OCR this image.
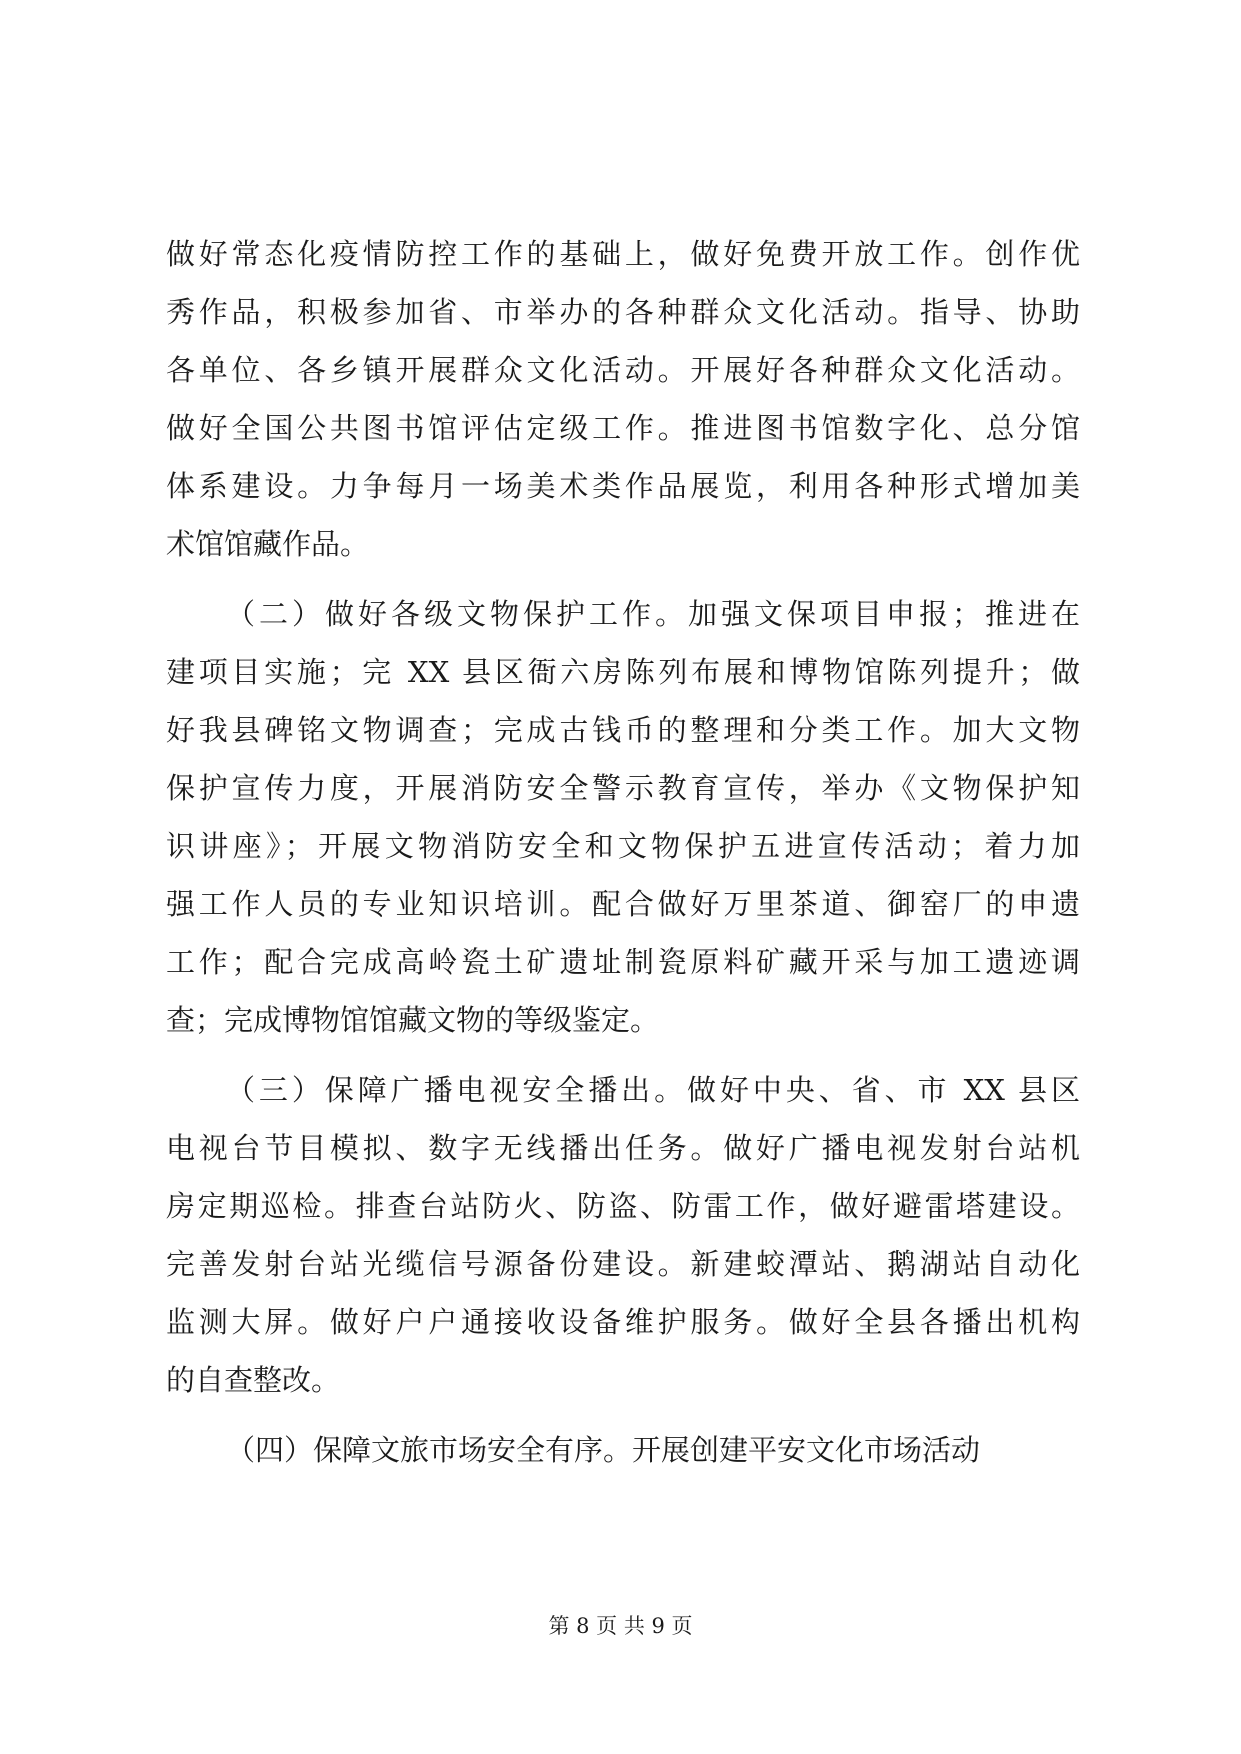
做好常态化疫情防控工作的基础上，做好免费开放工作。创作优
秀作品，积极参加省、市举办的各种群众文化活动。指导、协助
各单位、各乡镇开展群众文化活动。开展好各种群众文化活动。
做好全国公共图书馆评估定级工作。推进图书馆数字化、总分馆
体系建设。力争每月一场美术类作品展览，利用各种形式增加美
术馆馆藏作品。
（二）做好各级文物保护工作。加强文保项目申报；推进在
建项目实施；完 XX 县区衙六房陈列布展和博物馆陈列提升；做
好我县碑铭文物调查；完成古钱币的整理和分类工作。加大文物
保护宣传力度，开展消防安全警示教育宣传，举办《文物保护知
识讲座》；开展文物消防安全和文物保护五进宣传活动；着力加
强工作人员的专业知识培训。配合做好万里茶道、御窑厂的申遗
工作；配合完成高岭瓷土矿遗址制瓷原料矿藏开采与加工遗迹调
查；完成博物馆馆藏文物的等级鉴定。
（三）保障广播电视安全播出。做好中央、省、市 XX 县区
电视台节目模拟、数字无线播出任务。做好广播电视发射台站机
房定期巡检。排查台站防火、防盗、防雷工作，做好避雷塔建设。
完善发射台站光缆信号源备份建设。新建蛟潭站、鹅湖站自动化
监测大屏。做好户户通接收设备维护服务。做好全县各播出机构
的自查整改。
（四）保障文旅市场安全有序。开展创建平安文化市场活动
第 8 页 共 9 页
